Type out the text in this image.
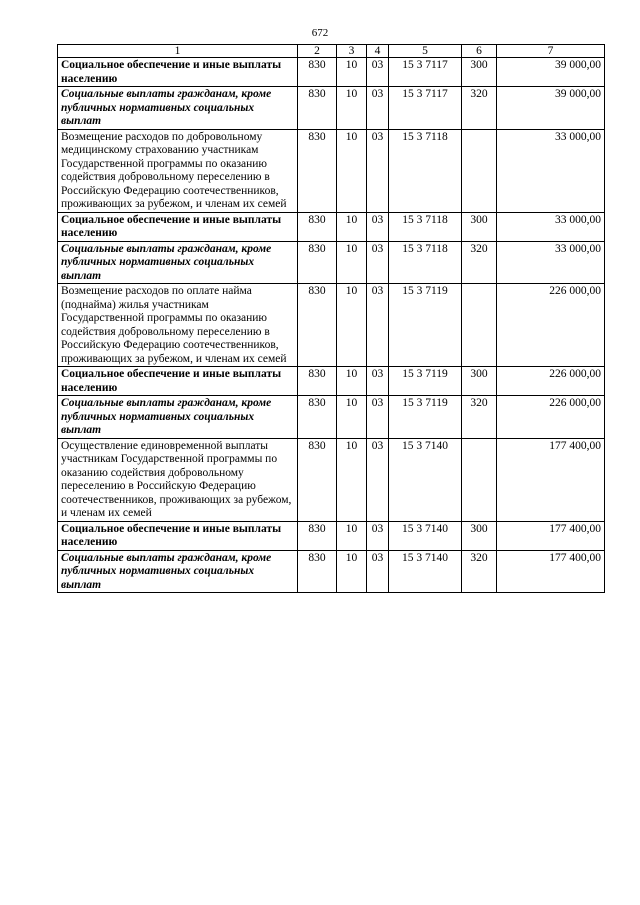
672
1	2	3	4	5	6	7
Социальное обеспечение и иные выплаты населению	830	10	03	15 3 7117	300	39 000,00
Социальные выплаты гражданам, кроме публичных нормативных социальных выплат	830	10	03	15 3 7117	320	39 000,00
Возмещение расходов по добровольному медицинскому страхованию участникам Государственной программы по оказанию содействия добровольному переселению в Российскую Федерацию соотечественников, проживающих за рубежом, и членам их семей	830	10	03	15 3 7118		33 000,00
Социальное обеспечение и иные выплаты населению	830	10	03	15 3 7118	300	33 000,00
Социальные выплаты гражданам, кроме публичных нормативных социальных выплат	830	10	03	15 3 7118	320	33 000,00
Возмещение расходов по оплате найма (поднайма) жилья участникам Государственной программы по оказанию содействия добровольному переселению в Российскую Федерацию соотечественников, проживающих за рубежом, и членам их семей	830	10	03	15 3 7119		226 000,00
Социальное обеспечение и иные выплаты населению	830	10	03	15 3 7119	300	226 000,00
Социальные выплаты гражданам, кроме публичных нормативных социальных выплат	830	10	03	15 3 7119	320	226 000,00
Осуществление единовременной выплаты участникам Государственной программы по оказанию содействия добровольному переселению в Российскую Федерацию соотечественников, проживающих за рубежом, и членам их семей	830	10	03	15 3 7140		177 400,00
Социальное обеспечение и иные выплаты населению	830	10	03	15 3 7140	300	177 400,00
Социальные выплаты гражданам, кроме публичных нормативных социальных выплат	830	10	03	15 3 7140	320	177 400,00
